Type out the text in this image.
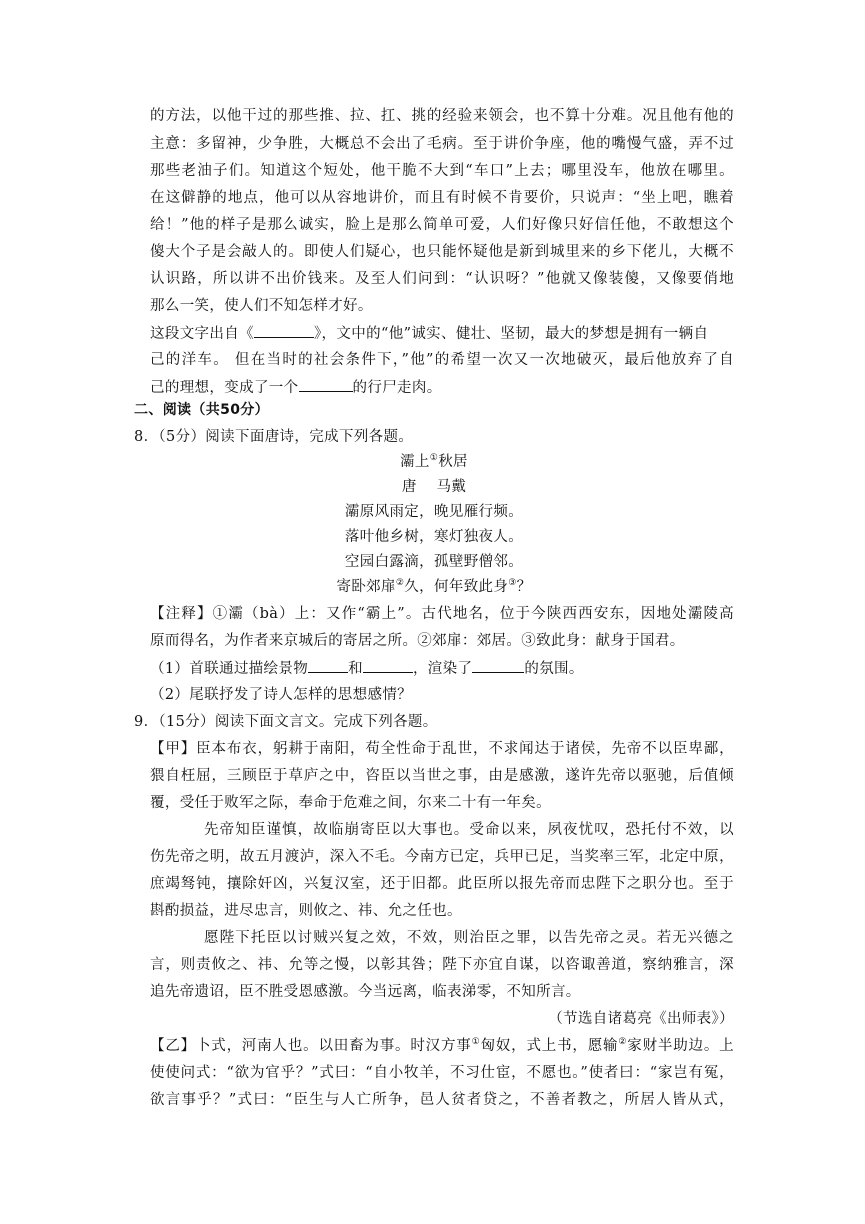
的方法，以他干过的那些推、拉、扛、挑的经验来领会，也不算十分难。况且他有他的
主意：多留神，少争胜，大概总不会出了毛病。至于讲价争座，他的嘴慢气盛，弄不过
那些老油子们。知道这个短处，他干脆不大到“车口”上去；哪里没车，他放在哪里。
在这僻静的地点，他可以从容地讲价，而且有时候不肯要价，只说声：“坐上吧，瞧着
给！”他的样子是那么诚实，脸上是那么简单可爱，人们好像只好信任他，不敢想这个
傻大个子是会敲人的。即使人们疑心，也只能怀疑他是新到城里来的乡下佬儿，大概不
认识路，所以讲不出价钱来。及至人们问到：“认识呀？”他就又像装傻，又像要俏地
那么一笑，使人们不知怎样才好。
这段文字出自《	》，文中的“他”诚实、健壮、坚韧，最大的梦想是拥有一辆自
己的洋车。 但在当时的社会条件下，”他”的希望一次又一次地破灭，最后他放弃了自
己的理想，变成了一个	的行尸走肉。
二、阅读（共50分）
8．（5分）阅读下面唐诗，完成下列各题。
灞上①秋居
唐　 马戴
灞原风雨定，晚见雁行频。
落叶他乡树，寒灯独夜人。
空园白露滴，孤壁野僧邻。
寄卧郊扉②久，何年致此身③？
【注释】①灞（bà）上：又作“霸上”。古代地名，位于今陕西西安东，因地处灞陵高
原而得名，为作者来京城后的寄居之所。②郊扉：郊居。③致此身：献身于国君。
（1）首联通过描绘景物	和	，渲染了	的氛围。
（2）尾联抒发了诗人怎样的思想感情？
9．（15分）阅读下面文言文。完成下列各题。
【甲】臣本布衣，躬耕于南阳，苟全性命于乱世，不求闻达于诸侯，先帝不以臣卑鄙，
猥自枉屈，三顾臣于草庐之中，咨臣以当世之事，由是感激，遂许先帝以驱驰，后值倾
覆，受任于败军之际，奉命于危难之间，尔来二十有一年矣。
先帝知臣谨慎，故临崩寄臣以大事也。受命以来，夙夜忧叹，恐托付不效，以
伤先帝之明，故五月渡泸，深入不毛。今南方已定，兵甲已足，当奖率三军，北定中原，
庶竭驽钝，攘除奸凶，兴复汉室，还于旧都。此臣所以报先帝而忠陛下之职分也。至于
斟酌损益，进尽忠言，则攸之、祎、允之任也。
愿陛下托臣以讨贼兴复之效，不效，则治臣之罪，以告先帝之灵。若无兴德之
言，则责攸之、祎、允等之慢，以彰其咎；陛下亦宜自谋，以咨诹善道，察纳雅言，深
追先帝遗诏，臣不胜受恩感激。今当远离，临表涕零，不知所言。
（节选自诸葛亮《出师表》）
【乙】卜式，河南人也。以田畜为事。时汉方事①匈奴，式上书，愿输②家财半助边。上
使使问式：“欲为官乎？”式曰：“自小牧羊，不习仕宦，不愿也。”使者曰：“家岂有冤，
欲言事乎？”式曰：“臣生与人亡所争，邑人贫者贷之，不善者教之，所居人皆从式，
